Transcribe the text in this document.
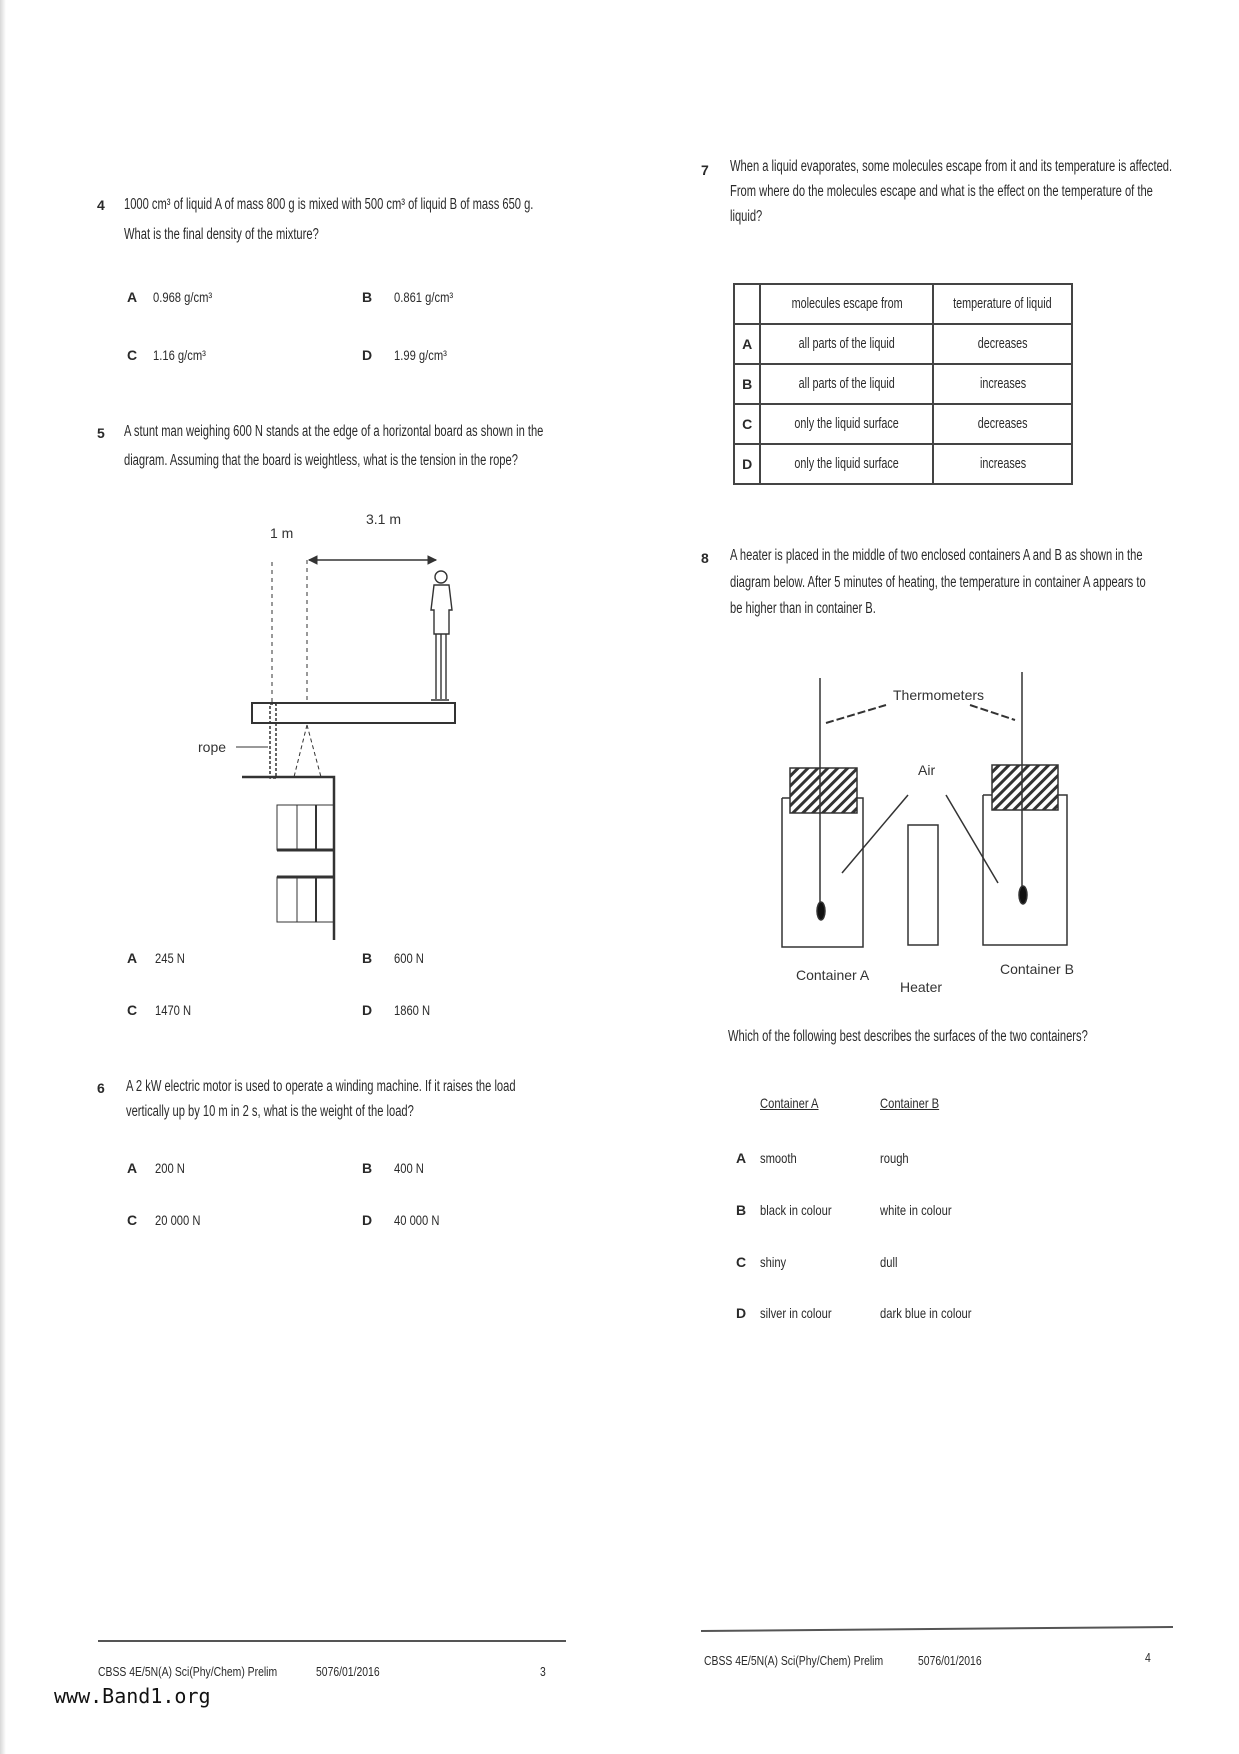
4 1000 cm³ of liquid A of mass 800 g is mixed with 500 cm³ of liquid B of mass 650 g.
What is the final density of the mixture?
A 0.968 g/cm³	B 0.861 g/cm³
C 1.16 g/cm³	D 1.99 g/cm³
5 A stunt man weighing 600 N stands at the edge of a horizontal board as shown in the
diagram. Assuming that the board is weightless, what is the tension in the rope?
1 m
3.1 m
rope
Thermometers
Air
Container A
Heater
Container B
A 245 N	B 600 N
C 1470 N	D 1860 N
6 A 2 kW electric motor is used to operate a winding machine. If it raises the load
vertically up by 10 m in 2 s, what is the weight of the load?
A 200 N	B 400 N
C 20 000 N	D 40 000 N
7 When a liquid evaporates, some molecules escape from it and its temperature is affected.
From where do the molecules escape and what is the effect on the temperature of the
liquid?
	molecules escape from	temperature of liquid
A	all parts of the liquid	decreases
B	all parts of the liquid	increases
C	only the liquid surface	decreases
D	only the liquid surface	increases
8 A heater is placed in the middle of two enclosed containers A and B as shown in the
diagram below. After 5 minutes of heating, the temperature in container A appears to
be higher than in container B.
Which of the following best describes the surfaces of the two containers?
Container A	Container B
A smooth	rough
B black in colour	white in colour
C shiny	dull
D silver in colour	dark blue in colour
CBSS 4E/5N(A) Sci(Phy/Chem) Prelim	5076/01/2016	3
CBSS 4E/5N(A) Sci(Phy/Chem) Prelim	5076/01/2016	4
www.Band1.org
